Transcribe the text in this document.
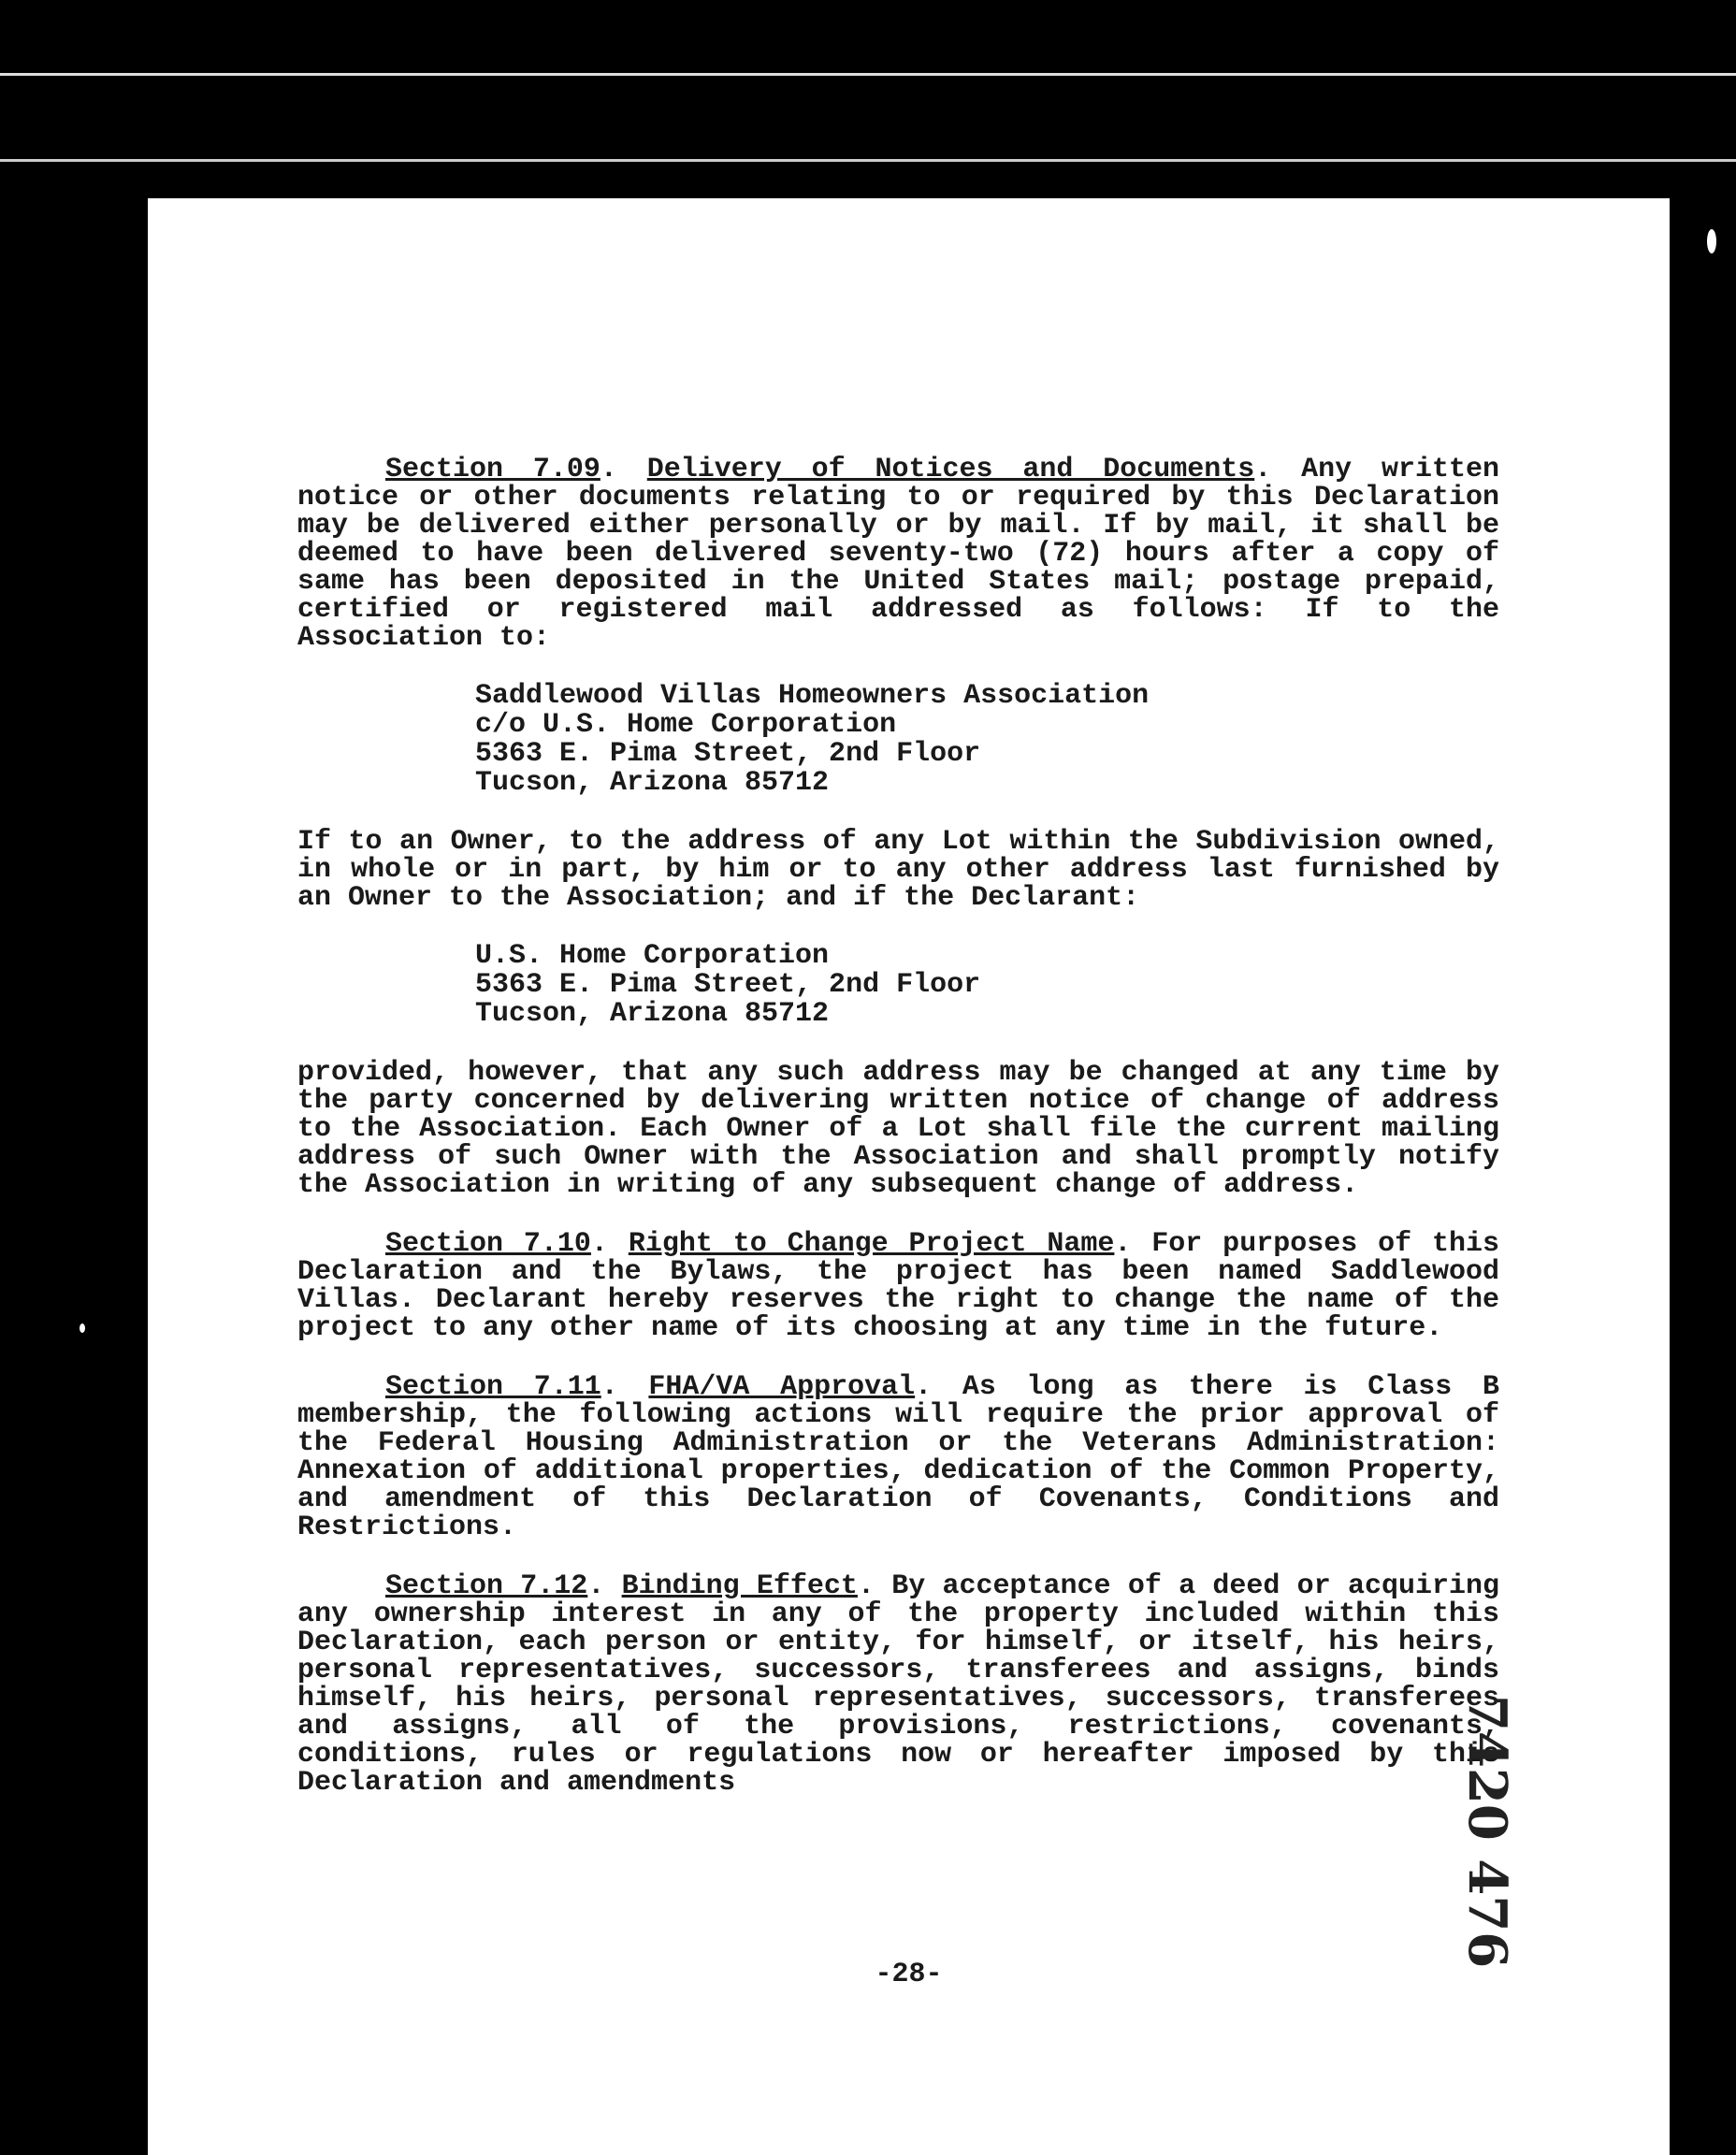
Section 7.09. Delivery of Notices and Documents. Any written notice or other documents relating to or required by this Declaration may be delivered either personally or by mail. If by mail, it shall be deemed to have been delivered seventy-two (72) hours after a copy of same has been deposited in the United States mail; postage prepaid, certified or registered mail addressed as follows: If to the Association to:

Saddlewood Villas Homeowners Association
c/o U.S. Home Corporation
5363 E. Pima Street, 2nd Floor
Tucson, Arizona 85712

If to an Owner, to the address of any Lot within the Subdivision owned, in whole or in part, by him or to any other address last furnished by an Owner to the Association; and if the Declarant:

U.S. Home Corporation
5363 E. Pima Street, 2nd Floor
Tucson, Arizona 85712

provided, however, that any such address may be changed at any time by the party concerned by delivering written notice of change of address to the Association. Each Owner of a Lot shall file the current mailing address of such Owner with the Association and shall promptly notify the Association in writing of any subsequent change of address.

Section 7.10. Right to Change Project Name. For purposes of this Declaration and the Bylaws, the project has been named Saddlewood Villas. Declarant hereby reserves the right to change the name of the project to any other name of its choosing at any time in the future.

Section 7.11. FHA/VA Approval. As long as there is Class B membership, the following actions will require the prior approval of the Federal Housing Administration or the Veterans Administration: Annexation of additional properties, dedication of the Common Property, and amendment of this Declaration of Covenants, Conditions and Restrictions.

Section 7.12. Binding Effect. By acceptance of a deed or acquiring any ownership interest in any of the property included within this Declaration, each person or entity, for himself, or itself, his heirs, personal representatives, successors, transferees and assigns, binds himself, his heirs, personal representatives, successors, transferees and assigns, all of the provisions, restrictions, covenants, conditions, rules or regulations now or hereafter imposed by this Declaration and amendments

-28-
7420 476
